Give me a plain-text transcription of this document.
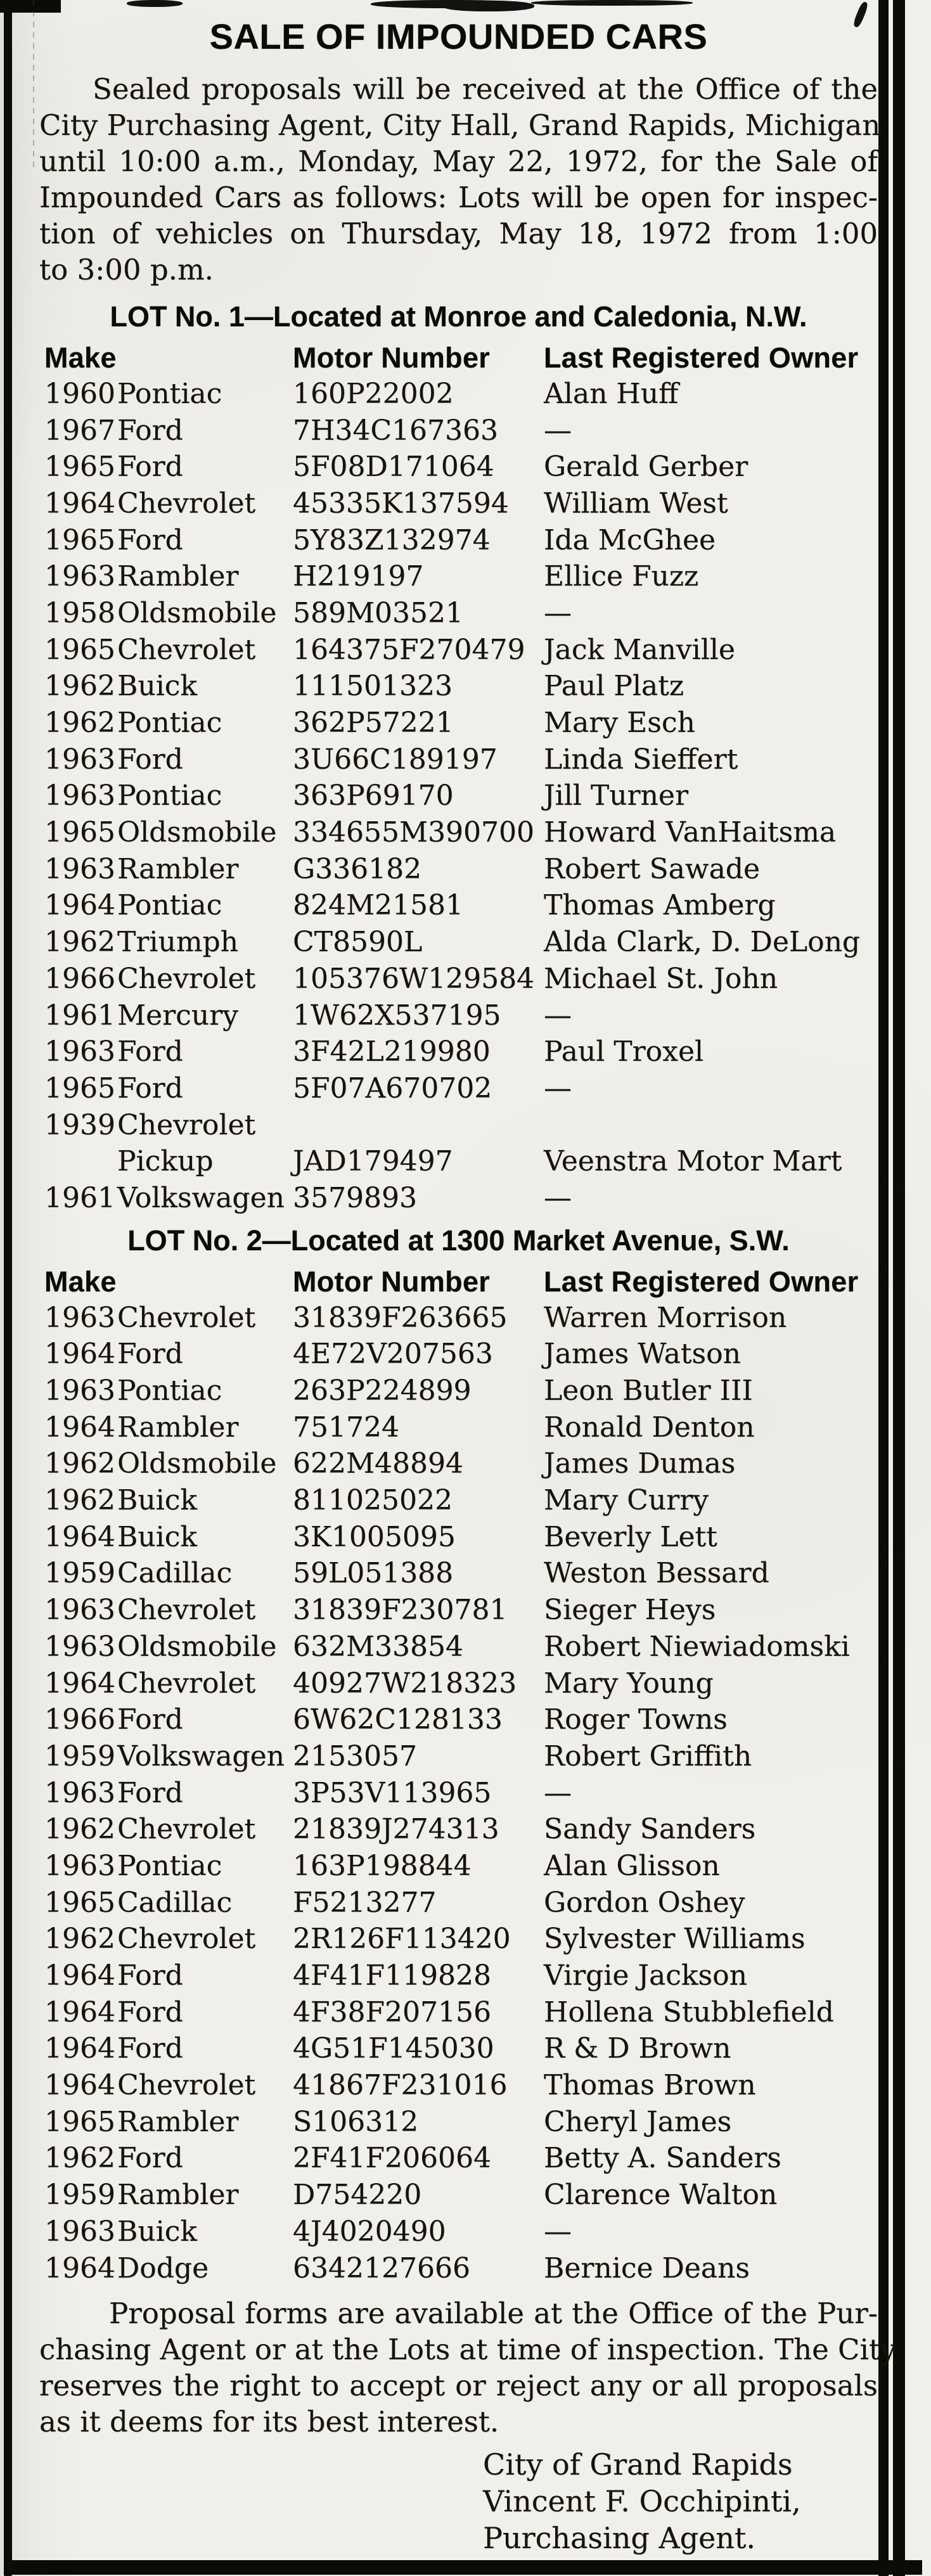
SALE OF IMPOUNDED CARS
Sealed proposals will be received at the Office of the
City Purchasing Agent, City Hall, Grand Rapids, Michigan
until 10:00 a.m., Monday, May 22, 1972, for the Sale of
Impounded Cars as follows: Lots will be open for inspec-
tion of vehicles on Thursday, May 18, 1972 from 1:00
to 3:00 p.m.
LOT No. 1—Located at Monroe and Caledonia, N.W.
Make	Motor Number	Last Registered Owner
1960 Pontiac	160P22002	Alan Huff
1967 Ford	7H34C167363	—
1965 Ford	5F08D171064	Gerald Gerber
1964 Chevrolet	45335K137594	William West
1965 Ford	5Y83Z132974	Ida McGhee
1963 Rambler	H219197	Ellice Fuzz
1958 Oldsmobile 589M03521	—
1965 Chevrolet	164375F270479 Jack Manville
1962 Buick	111501323	Paul Platz
1962 Pontiac	362P57221	Mary Esch
1963 Ford	3U66C189197	Linda Sieffert
1963 Pontiac	363P69170	Jill Turner
1965 Oldsmobile 334655M390700 Howard VanHaitsma
1963 Rambler	G336182	Robert Sawade
1964 Pontiac	824M21581	Thomas Amberg
1962 Triumph	CT8590L	Alda Clark, D. DeLong
1966 Chevrolet	105376W129584 Michael St. John
1961 Mercury	1W62X537195	—
1963 Ford	3F42L219980	Paul Troxel
1965 Ford	5F07A670702	—
1939 Chevrolet
Pickup	JAD179497	Veenstra Motor Mart
1961 Volkswagen 3579893	—
LOT No. 2—Located at 1300 Market Avenue, S.W.
Make	Motor Number	Last Registered Owner
1963 Chevrolet	31839F263665	Warren Morrison
1964 Ford	4E72V207563	James Watson
1963 Pontiac	263P224899	Leon Butler III
1964 Rambler	751724	Ronald Denton
1962 Oldsmobile 622M48894	James Dumas
1962 Buick	811025022	Mary Curry
1964 Buick	3K1005095	Beverly Lett
1959 Cadillac	59L051388	Weston Bessard
1963 Chevrolet	31839F230781	Sieger Heys
1963 Oldsmobile 632M33854	Robert Niewiadomski
1964 Chevrolet	40927W218323 Mary Young
1966 Ford	6W62C128133	Roger Towns
1959 Volkswagen 2153057	Robert Griffith
1963 Ford	3P53V113965	—
1962 Chevrolet	21839J274313	Sandy Sanders
1963 Pontiac	163P198844	Alan Glisson
1965 Cadillac	F5213277	Gordon Oshey
1962 Chevrolet	2R126F113420	Sylvester Williams
1964 Ford	4F41F119828	Virgie Jackson
1964 Ford	4F38F207156	Hollena Stubblefield
1964 Ford	4G51F145030	R & D Brown
1964 Chevrolet	41867F231016	Thomas Brown
1965 Rambler	S106312	Cheryl James
1962 Ford	2F41F206064	Betty A. Sanders
1959 Rambler	D754220	Clarence Walton
1963 Buick	4J4020490	—
1964 Dodge	6342127666	Bernice Deans
Proposal forms are available at the Office of the Pur-
chasing Agent or at the Lots at time of inspection. The City
reserves the right to accept or reject any or all proposals
as it deems for its best interest.
City of Grand Rapids
Vincent F. Occhipinti,
Purchasing Agent.
